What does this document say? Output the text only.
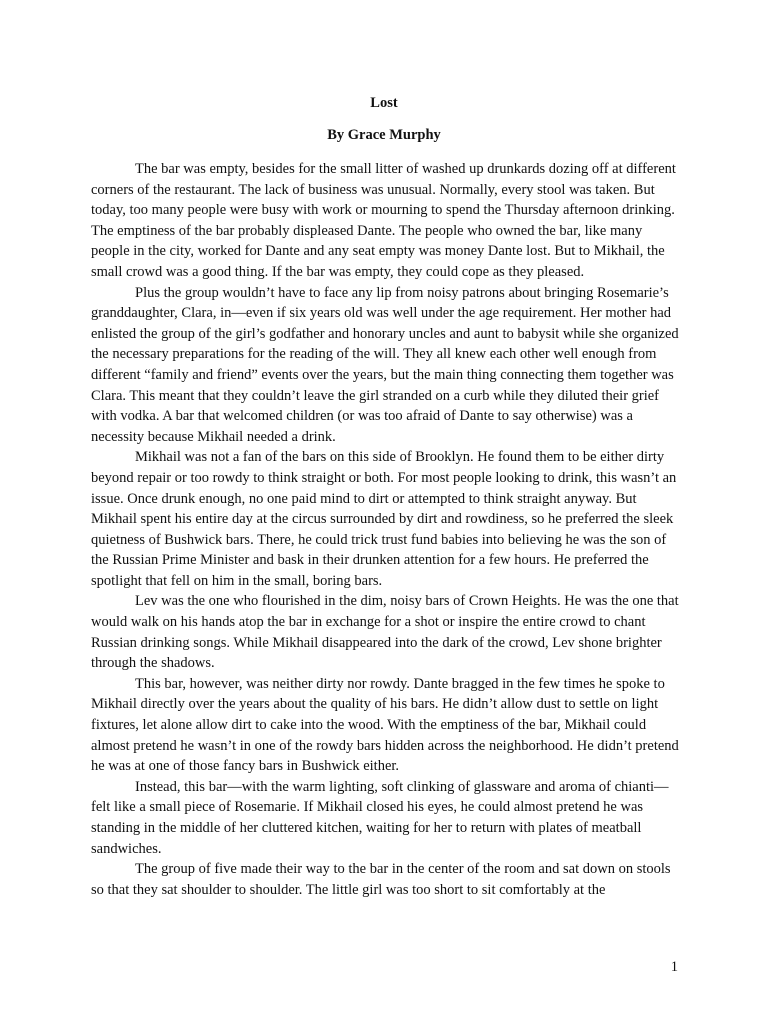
Lost
By Grace Murphy

The bar was empty, besides for the small litter of washed up drunkards dozing off at different corners of the restaurant. The lack of business was unusual. Normally, every stool was taken. But today, too many people were busy with work or mourning to spend the Thursday afternoon drinking. The emptiness of the bar probably displeased Dante. The people who owned the bar, like many people in the city, worked for Dante and any seat empty was money Dante lost. But to Mikhail, the small crowd was a good thing. If the bar was empty, they could cope as they pleased.

Plus the group wouldn’t have to face any lip from noisy patrons about bringing Rosemarie’s granddaughter, Clara, in—even if six years old was well under the age requirement. Her mother had enlisted the group of the girl’s godfather and honorary uncles and aunt to babysit while she organized the necessary preparations for the reading of the will. They all knew each other well enough from different “family and friend” events over the years, but the main thing connecting them together was Clara. This meant that they couldn’t leave the girl stranded on a curb while they diluted their grief with vodka. A bar that welcomed children (or was too afraid of Dante to say otherwise) was a necessity because Mikhail needed a drink.

Mikhail was not a fan of the bars on this side of Brooklyn. He found them to be either dirty beyond repair or too rowdy to think straight or both. For most people looking to drink, this wasn’t an issue. Once drunk enough, no one paid mind to dirt or attempted to think straight anyway. But Mikhail spent his entire day at the circus surrounded by dirt and rowdiness, so he preferred the sleek quietness of Bushwick bars. There, he could trick trust fund babies into believing he was the son of the Russian Prime Minister and bask in their drunken attention for a few hours. He preferred the spotlight that fell on him in the small, boring bars.

Lev was the one who flourished in the dim, noisy bars of Crown Heights. He was the one that would walk on his hands atop the bar in exchange for a shot or inspire the entire crowd to chant Russian drinking songs. While Mikhail disappeared into the dark of the crowd, Lev shone brighter through the shadows.

This bar, however, was neither dirty nor rowdy. Dante bragged in the few times he spoke to Mikhail directly over the years about the quality of his bars. He didn’t allow dust to settle on light fixtures, let alone allow dirt to cake into the wood. With the emptiness of the bar, Mikhail could almost pretend he wasn’t in one of the rowdy bars hidden across the neighborhood. He didn’t pretend he was at one of those fancy bars in Bushwick either.

Instead, this bar—with the warm lighting, soft clinking of glassware and aroma of chianti—felt like a small piece of Rosemarie. If Mikhail closed his eyes, he could almost pretend he was standing in the middle of her cluttered kitchen, waiting for her to return with plates of meatball sandwiches.

The group of five made their way to the bar in the center of the room and sat down on stools so that they sat shoulder to shoulder. The little girl was too short to sit comfortably at the

1
